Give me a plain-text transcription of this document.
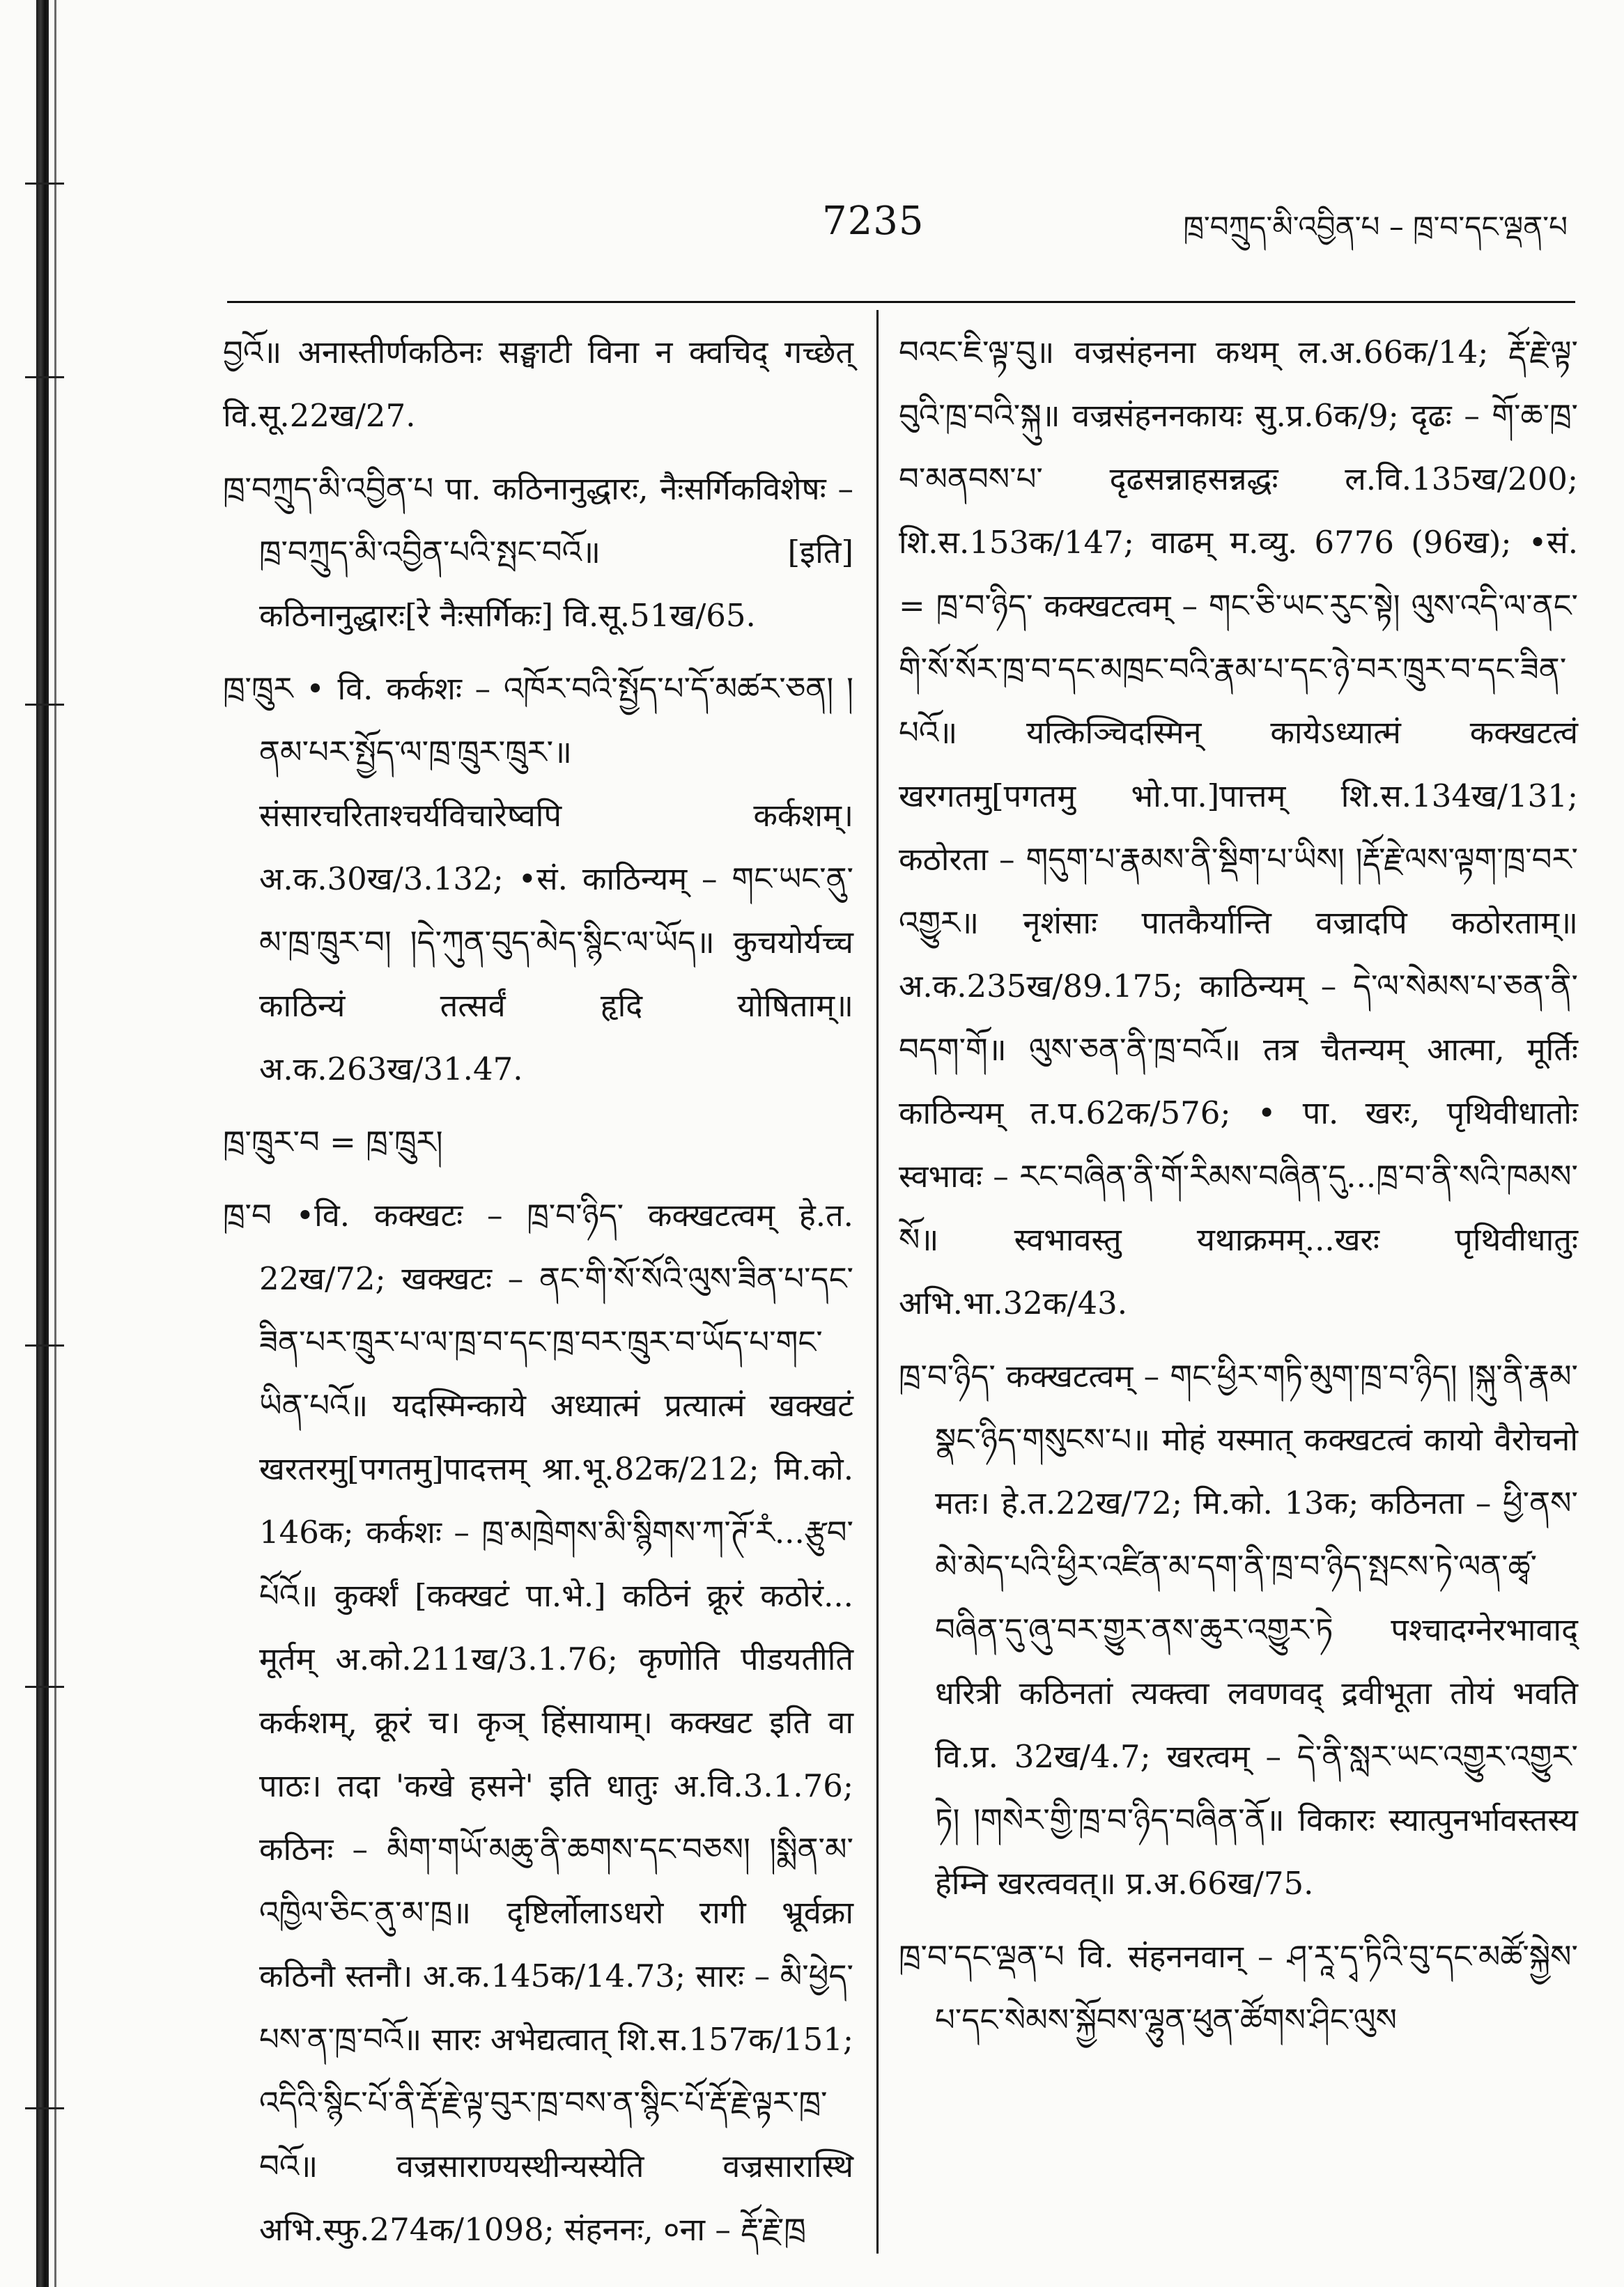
7235	ཁྲ་བཀྲུད་མི་འབྱིན་པ – ཁྲ་བ་དང་ལྡན་པ

བྱའོ॥ अनास्तीर्णकठिनः सङ्घाटी विना न क्वचिद् गच्छेत् वि.सू.22ख/27.

ཁྲ་བཀྲུད་མི་འབྱིན་པ पा. कठिनानुद्धारः, नैःसर्गिकविशेषः – ཁྲ་བཀྲུད་མི་འབྱིན་པའི་སྤང་བའོ॥ [इति] कठिनानुद्धारः[रे नैःसर्गिकः] वि.सू.51ख/65.

ཁྲ་ཁྲུར • वि. कर्कशः – འཁོར་བའི་སྤྱོད་པ་དོ་མཚར་ཅན། །ནམ་པར་སྤྱོད་ལ་ཁྲ་ཁྲུར་ཁྲུར་॥ संसारचरिताश्चर्यविचारेष्वपि कर्कशम्। अ.क.30ख/3.132; •सं. काठिन्यम् – གང་ཡང་ནུ་མ་ཁྲ་ཁྲུར་བ། །དེ་ཀུན་བུད་མེད་སྙིང་ལ་ཡོད॥ कुचयोर्यच्च काठिन्यं तत्सर्वं हृदि योषिताम्॥ अ.क.263ख/31.47.

ཁྲ་ཁྲུར་བ = ཁྲ་ཁྲུར།

ཁྲ་བ •वि. कक्खटः – ཁྲ་བ་ཉིད་ कक्खटत्वम् हे.त. 22ख/72; खक्खटः – ནང་གི་སོ་སོའི་ལུས་ཟིན་པ་དང་ཟིན་པར་ཁྲུར་པ་ལ་ཁྲ་བ་དང་ཁྲ་བར་ཁྲུར་བ་ཡོད་པ་གང་ཡིན་པའོ॥ यदस्मिन्काये अध्यात्मं प्रत्यात्मं खक्खटं खरतरमु[पगतमु]पादत्तम् श्रा.भू.82क/212; मि.को. 146क; कर्कशः – ཁྲ་མཁྲེགས་མི་སྙིགས་ཀ་ཊོ་རཾ...རྩུབ་པོའོ॥ कुर्क्शं [कक्खटं पा.भे.] कठिनं क्रूरं कठोरं... मूर्तम् अ.को.211ख/3.1.76; कृणोति पीडयतीति कर्कशम्, क्रूरं च। कृञ् हिंसायाम्। कक्खट इति वा पाठः। तदा 'कखे हसने' इति धातुः अ.वि.3.1.76; कठिनः – མིག་གཡོ་མཆུ་ནི་ཆགས་དང་བཅས། །སྨིན་མ་འཁྱིལ་ཅིང་ནུ་མ་ཁྲ॥ दृष्टिर्लोलाऽधरो रागी भ्रूर्वक्रा कठिनौ स्तनौ। अ.क.145क/14.73; सारः – མི་ཕྱེད་པས་ན་ཁྲ་བའོ॥ सारः अभेद्यत्वात् शि.स.157क/151; འདིའི་སྙིང་པོ་ནི་རྡོ་རྗེ་ལྟ་བུར་ཁྲ་བས་ན་སྙིང་པོ་རྡོ་རྗེ་ལྟར་ཁྲ་བའོ॥ वज्रसाराण्यस्थीन्यस्येति वज्रसारास्थि अभि.स्फु.274क/1098; संहननः, ०ना – རྡོ་རྗེ་ཁྲ

བའང་ཇི་ལྟ་བུ॥ वज्रसंहनना कथम् ल.अ.66क/14; རྡོ་རྗེ་ལྟ་བུའི་ཁྲ་བའི་སྐུ॥ वज्रसंहननकायः सु.प्र.6क/9; दृढः – གོ་ཆ་ཁྲ་བ་མནབས་པ་ दृढसन्नाहसन्नद्धः ल.वि.135ख/200; शि.स.153क/147; वाढम् म.व्यु. 6776 (96ख); •सं. = ཁྲ་བ་ཉིད་ कक्खटत्वम् – གང་ཅི་ཡང་རུང་སྟེ། ལུས་འདི་ལ་ནང་གི་སོ་སོར་ཁྲ་བ་དང་མཁྲང་བའི་རྣམ་པ་དང་ཉེ་བར་ཁྲུར་བ་དང་ཟིན་པའོ॥ यत्किञ्चिदस्मिन् कायेऽध्यात्मं कक्खटत्वं खरगतमु[पगतमु भो.पा.]पात्तम् शि.स.134ख/131; कठोरता – གདུག་པ་རྣམས་ནི་སྡིག་པ་ཡིས། །རྡོ་རྗེ་ལས་ལྟག་ཁྲ་བར་འགྱུར॥ नृशंसाः पातकैर्यान्ति वज्रादपि कठोरताम्॥ अ.क.235ख/89.175; काठिन्यम् – དེ་ལ་སེམས་པ་ཅན་ནི་བདག་གོ॥ ལུས་ཅན་ནི་ཁྲ་བའོ॥ तत्र चैतन्यम् आत्मा, मूर्तिः काठिन्यम् त.प.62क/576; • पा. खरः, पृथिवीधातोः स्वभावः – རང་བཞིན་ནི་གོ་རིམས་བཞིན་དུ...ཁྲ་བ་ནི་སའི་ཁམས་སོ॥ स्वभावस्तु यथाक्रमम्...खरः पृथिवीधातुः अभि.भा.32क/43.

ཁྲ་བ་ཉིད་ कक्खटत्वम् – གང་ཕྱིར་གཏི་མུག་ཁྲ་བ་ཉིད། །སྐུ་ནི་རྣམ་སྣང་ཉིད་གསུངས་པ॥ मोहं यस्मात् कक्खटत्वं कायो वैरोचनो मतः। हे.त.22ख/72; मि.को. 13क; कठिनता – ཕྱི་ནས་མེ་མེད་པའི་ཕྱིར་འཛིན་མ་དག་ནི་ཁྲ་བ་ཉིད་སྤངས་ཏེ་ལན་ཚྭ་བཞིན་དུ་ཞུ་བར་གྱུར་ནས་ཆུར་འགྱུར་ཏེ पश्चादग्नेरभावाद् धरित्री कठिनतां त्यक्त्वा लवणवद् द्रवीभूता तोयं भवति वि.प्र. 32ख/4.7; खरत्वम् – དེ་ནི་སླར་ཡང་འགྱུར་འགྱུར་ཏེ། །གསེར་གྱི་ཁྲ་བ་ཉིད་བཞིན་ནོ॥ विकारः स्यात्पुनर्भावस्तस्य हेम्नि खरत्ववत्॥ प्र.अ.66ख/75.

ཁྲ་བ་དང་ལྡན་པ वि. संहननवान् – ཤ་རཱ་དྭ་ཏིའི་བུ་དང་མཚོ་སྐྱེས་པ་དང་སེམས་སྐྱོབས་ལྷུན་ཕུན་ཚོགས་ཤིང་ལུས
